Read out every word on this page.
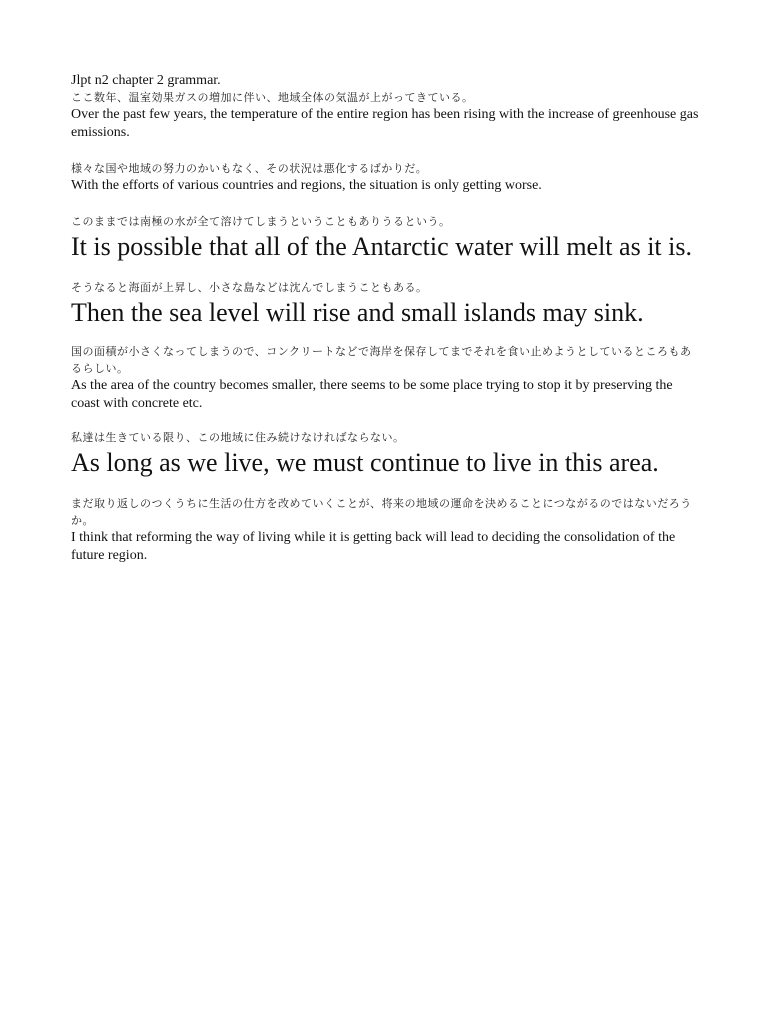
Jlpt n2 chapter 2 grammar.

ここ数年、温室効果ガスの増加に伴い、地域全体の気温が上がってきている。

Over the past few years, the temperature of the entire region has been rising with the increase of greenhouse gas emissions.

様々な国や地域の努力のかいもなく、その状況は悪化するばかりだ。

With the efforts of various countries and regions, the situation is only getting worse.

このままでは南極の水が全て溶けてしまうということもありうるという。

It is possible that all of the Antarctic water will melt as it is.

そうなると海面が上昇し、小さな島などは沈んでしまうこともある。

Then the sea level will rise and small islands may sink.

国の面積が小さくなってしまうので、コンクリートなどで海岸を保存してまでそれを食い止めようとしているところもあるらしい。

As the area of the country becomes smaller, there seems to be some place trying to stop it by preserving the coast with concrete etc.

私達は生きている限り、この地域に住み続けなければならない。

As long as we live, we must continue to live in this area.

まだ取り返しのつくうちに生活の仕方を改めていくことが、将来の地域の運命を決めることにつながるのではないだろうか。

I think that reforming the way of living while it is getting back will lead to deciding the consolidation of the future region.
